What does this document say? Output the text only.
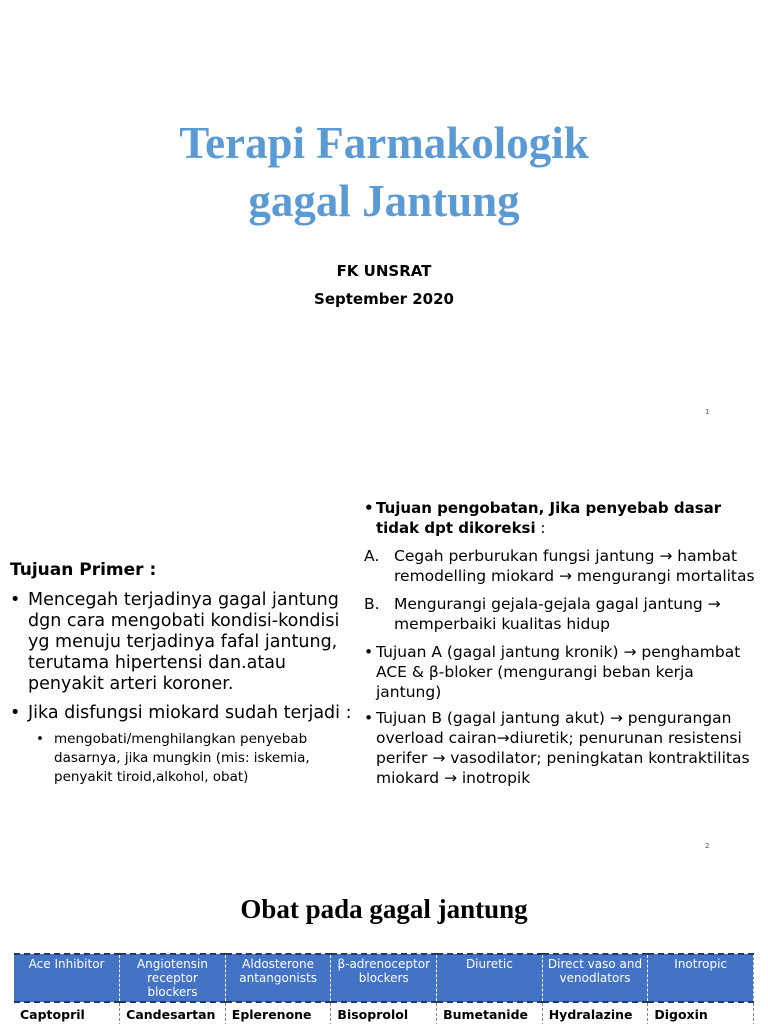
Terapi Farmakologik
gagal Jantung
FK UNSRAT
September 2020
1
Tujuan Primer :
• Mencegah terjadinya gagal jantung dgn cara mengobati kondisi-kondisi yg menuju terjadinya fafal jantung, terutama hipertensi dan.atau penyakit arteri koroner.
• Jika disfungsi miokard sudah terjadi :
• mengobati/menghilangkan penyebab dasarnya, jika mungkin (mis: iskemia, penyakit tiroid,alkohol, obat)
• Tujuan pengobatan, Jika penyebab dasar tidak dpt dikoreksi :
A. Cegah perburukan fungsi jantung → hambat remodelling miokard → mengurangi mortalitas
B. Mengurangi gejala-gejala gagal jantung → memperbaiki kualitas hidup
• Tujuan A (gagal jantung kronik) → penghambat ACE & β-bloker (mengurangi beban kerja jantung)
• Tujuan B (gagal jantung akut) → pengurangan overload cairan→diuretik; penurunan resistensi perifer → vasodilator; peningkatan kontraktilitas miokard → inotropik
2
Obat pada gagal jantung
Ace Inhibitor	Angiotensin receptor blockers	Aldosterone antangonists	β-adrenoceptor blockers	Diuretic	Direct vaso and venodlators	Inotropic
Captopril	Candesartan	Eplerenone	Bisoprolol	Bumetanide	Hydralazine	Digoxin
